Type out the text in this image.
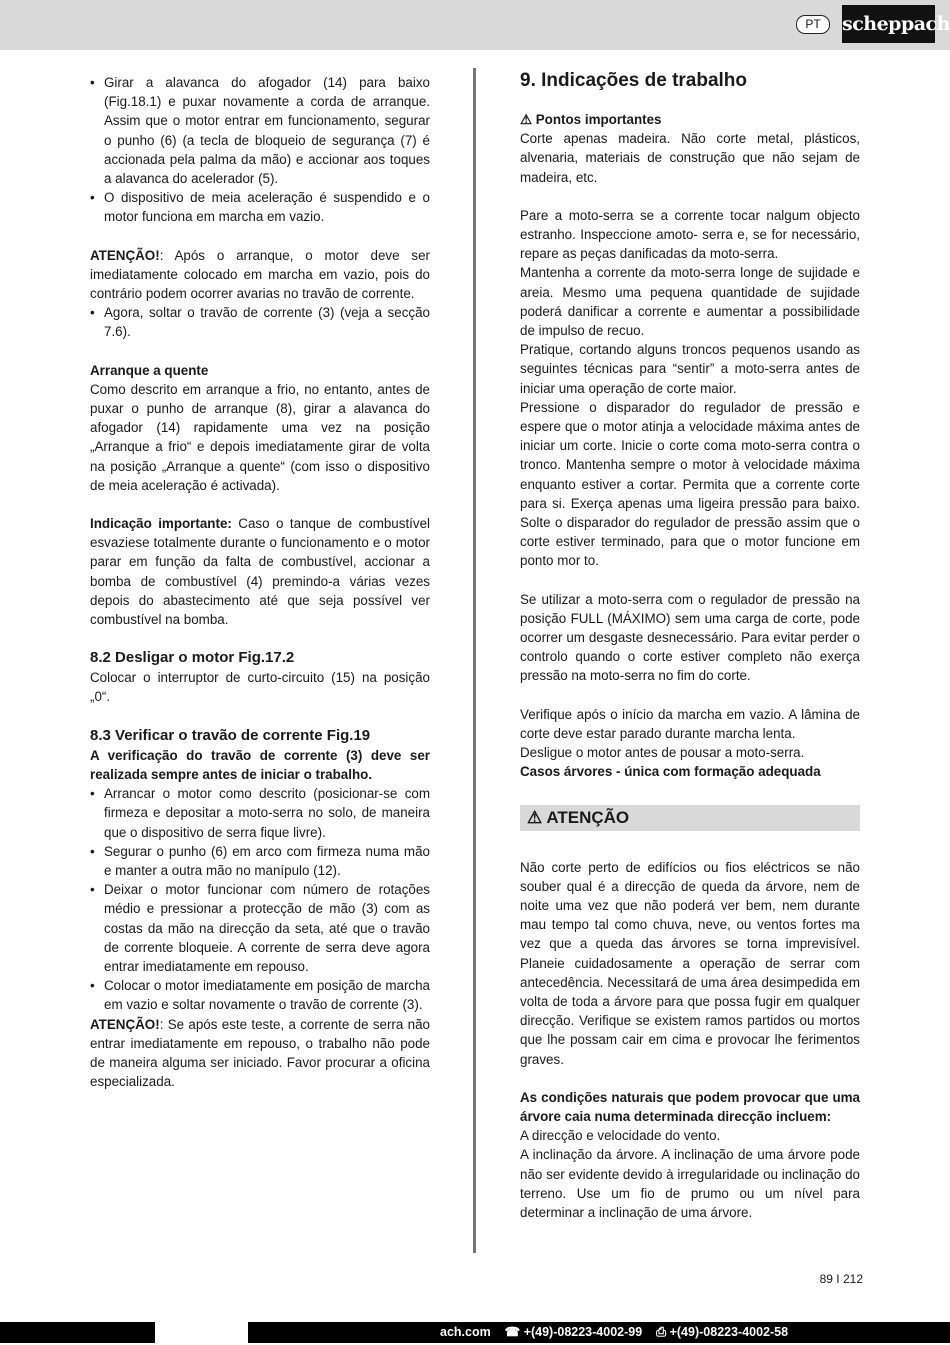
PT	scheppach
• Girar a alavanca do afogador (14) para baixo (Fig.18.1) e puxar novamente a corda de arranque. Assim que o motor entrar em funcionamento, segurar o punho (6) (a tecla de bloqueio de segurança (7) é accionada pela palma da mão) e accionar aos toques a alavanca do acelerador (5).
• O dispositivo de meia aceleração é suspendido e o motor funciona em marcha em vazio.

ATENÇÃO!: Após o arranque, o motor deve ser imediatamente colocado em marcha em vazio, pois do contrário podem ocorrer avarias no travão de corrente.

• Agora, soltar o travão de corrente (3) (veja a secção 7.6).

Arranque a quente

Como descrito em arranque a frio, no entanto, antes de puxar o punho de arranque (8), girar a alavanca do afogador (14) rapidamente uma vez na posição „Arranque a frio“ e depois imediatamente girar de volta na posição „Arranque a quente“ (com isso o dispositivo de meia aceleração é activada).

Indicação importante: Caso o tanque de combustível esvaziese totalmente durante o funcionamento e o motor parar em função da falta de combustível, accionar a bomba de combustível (4) premindo-a várias vezes depois do abastecimento até que seja possível ver combustível na bomba.

8.2 Desligar o motor Fig.17.2

Colocar o interruptor de curto-circuito (15) na posição „0“.

8.3 Verificar o travão de corrente Fig.19

A verificação do travão de corrente (3) deve ser realizada sempre antes de iniciar o trabalho.

• Arrancar o motor como descrito (posicionar-se com firmeza e depositar a moto-serra no solo, de maneira que o dispositivo de serra fique livre).
• Segurar o punho (6) em arco com firmeza numa mão e manter a outra mão no manípulo (12).
• Deixar o motor funcionar com número de rotações médio e pressionar a protecção de mão (3) com as costas da mão na direcção da seta, até que o travão de corrente bloqueie. A corrente de serra deve agora entrar imediatamente em repouso.
• Colocar o motor imediatamente em posição de marcha em vazio e soltar novamente o travão de corrente (3).

ATENÇÃO!: Se após este teste, a corrente de serra não entrar imediatamente em repouso, o trabalho não pode de maneira alguma ser iniciado. Favor procurar a oficina especializada.

9. Indicações de trabalho

⚠ Pontos importantes

Corte apenas madeira. Não corte metal, plásticos, alvenaria, materiais de construção que não sejam de madeira, etc.

Pare a moto-serra se a corrente tocar nalgum objecto estranho. Inspeccione amoto- serra e, se for necessário, repare as peças danificadas da moto-serra.

Mantenha a corrente da moto-serra longe de sujidade e areia. Mesmo uma pequena quantidade de sujidade poderá danificar a corrente e aumentar a possibilidade de impulso de recuo.

Pratique, cortando alguns troncos pequenos usando as seguintes técnicas para “sentir” a moto-serra antes de iniciar uma operação de corte maior.

Pressione o disparador do regulador de pressão e espere que o motor atinja a velocidade máxima antes de iniciar um corte. Inicie o corte coma moto-serra contra o tronco. Mantenha sempre o motor à velocidade máxima enquanto estiver a cortar. Permita que a corrente corte para si. Exerça apenas uma ligeira pressão para baixo. Solte o disparador do regulador de pressão assim que o corte estiver terminado, para que o motor funcione em ponto mor to.

Se utilizar a moto-serra com o regulador de pressão na posição FULL (MÁXIMO) sem uma carga de corte, pode ocorrer um desgaste desnecessário. Para evitar perder o controlo quando o corte estiver completo não exerça pressão na moto-serra no fim do corte.

Verifique após o início da marcha em vazio. A lâmina de corte deve estar parado durante marcha lenta.

Desligue o motor antes de pousar a moto-serra.

Casos árvores - única com formação adequada

⚠ ATENÇÃO

Não corte perto de edifícios ou fios eléctricos se não souber qual é a direcção de queda da árvore, nem de noite uma vez que não poderá ver bem, nem durante mau tempo tal como chuva, neve, ou ventos fortes ma vez que a queda das árvores se torna imprevisível. Planeie cuidadosamente a operação de serrar com antecedência. Necessitará de uma área desimpedida em volta de toda a árvore para que possa fugir em qualquer direcção. Verifique se existem ramos partidos ou mortos que lhe possam cair em cima e provocar lhe ferimentos graves.

As condições naturais que podem provocar que uma árvore caia numa determinada direcção incluem:

A direcção e velocidade do vento.

A inclinação da árvore. A inclinação de uma árvore pode não ser evidente devido à irregularidade ou inclinação do terreno. Use um fio de prumo ou um nível para determinar a inclinação de uma árvore.

89 I 212
ach.com ☎ +(49)-08223-4002-99 ⎙ +(49)-08223-4002-58
